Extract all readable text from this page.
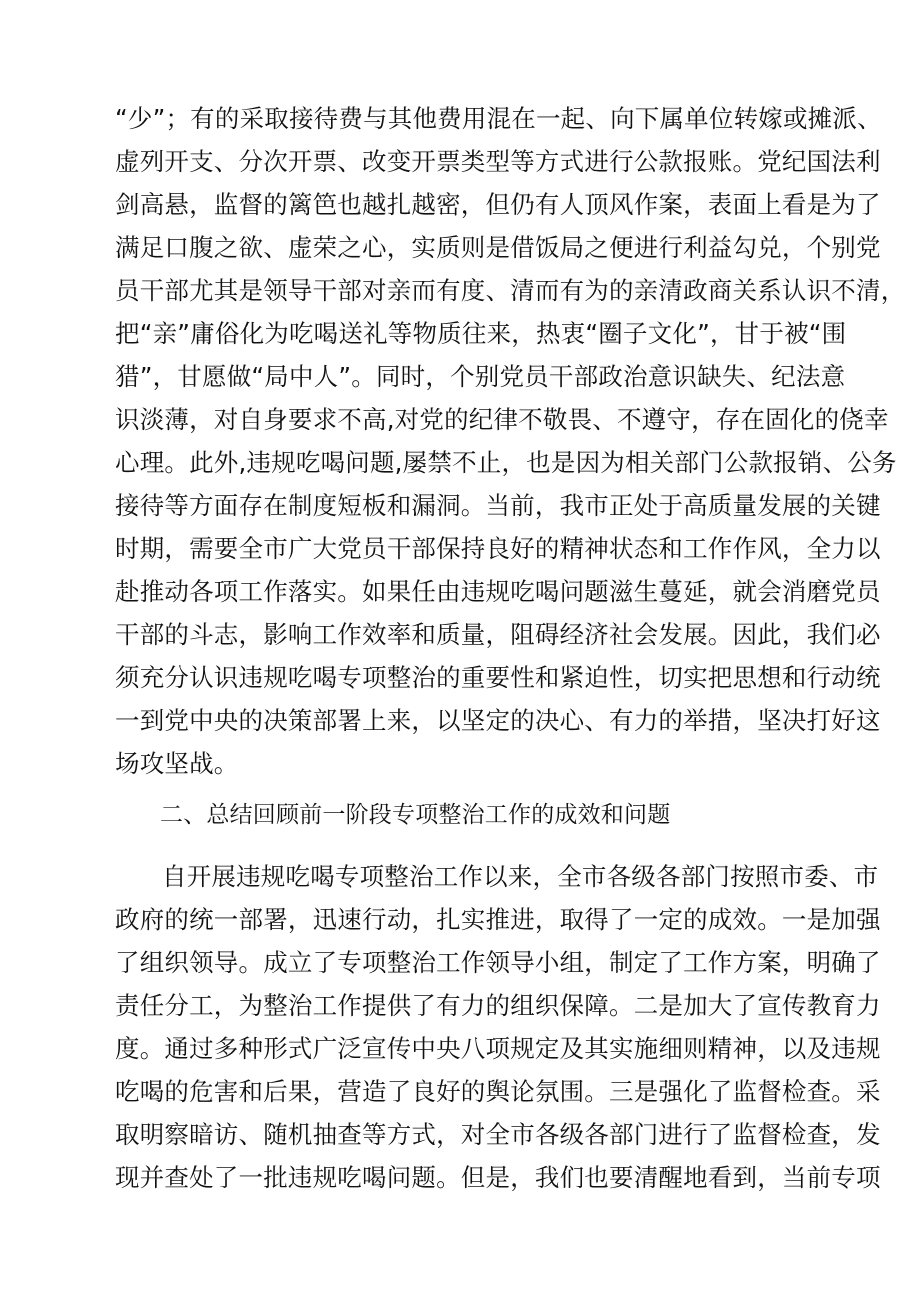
“少”；有的采取接待费与其他费用混在一起、向下属单位转嫁或摊派、
虚列开支、分次开票、改变开票类型等方式进行公款报账。党纪国法利
剑高悬，监督的篱笆也越扎越密，但仍有人顶风作案，表面上看是为了
满足口腹之欲、虚荣之心，实质则是借饭局之便进行利益勾兑，个别党
员干部尤其是领导干部对亲而有度、清而有为的亲清政商关系认识不清，
把“亲”庸俗化为吃喝送礼等物质往来，热衷“圈子文化”，甘于被“围
猎”，甘愿做“局中人”。同时，个别党员干部政治意识缺失、纪法意
识淡薄，对自身要求不高,对党的纪律不敬畏、不遵守，存在固化的侥幸
心理。此外,违规吃喝问题,屡禁不止，也是因为相关部门公款报销、公务
接待等方面存在制度短板和漏洞。当前，我市正处于高质量发展的关键
时期，需要全市广大党员干部保持良好的精神状态和工作作风，全力以
赴推动各项工作落实。如果任由违规吃喝问题滋生蔓延，就会消磨党员
干部的斗志，影响工作效率和质量，阻碍经济社会发展。因此，我们必
须充分认识违规吃喝专项整治的重要性和紧迫性，切实把思想和行动统
一到党中央的决策部署上来，以坚定的决心、有力的举措，坚决打好这
场攻坚战。
二、总结回顾前一阶段专项整治工作的成效和问题
自开展违规吃喝专项整治工作以来，全市各级各部门按照市委、市
政府的统一部署，迅速行动，扎实推进，取得了一定的成效。一是加强
了组织领导。成立了专项整治工作领导小组，制定了工作方案，明确了
责任分工，为整治工作提供了有力的组织保障。二是加大了宣传教育力
度。通过多种形式广泛宣传中央八项规定及其实施细则精神，以及违规
吃喝的危害和后果，营造了良好的舆论氛围。三是强化了监督检查。采
取明察暗访、随机抽查等方式，对全市各级各部门进行了监督检查，发
现并查处了一批违规吃喝问题。但是，我们也要清醒地看到，当前专项
